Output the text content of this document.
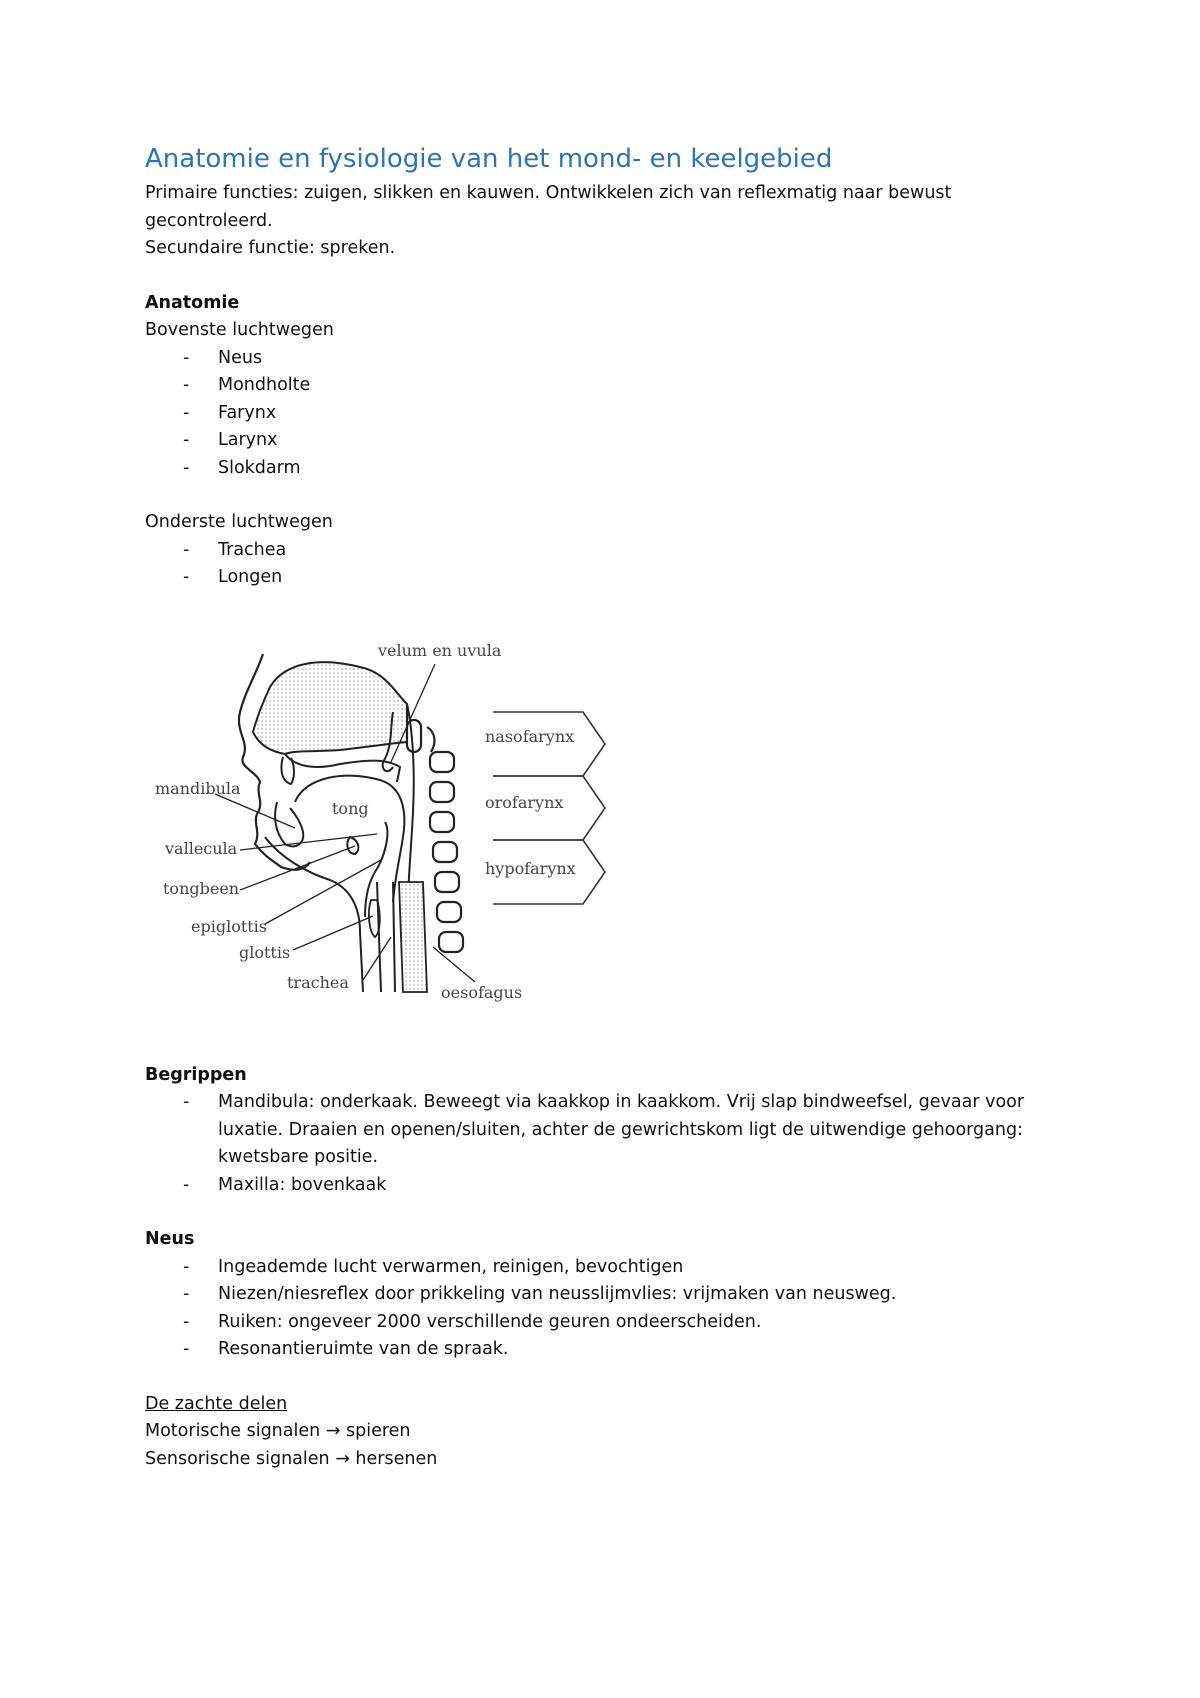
Anatomie en fysiologie van het mond- en keelgebied

Primaire functies: zuigen, slikken en kauwen. Ontwikkelen zich van reflexmatig naar bewust gecontroleerd.

Secundaire functie: spreken.

Anatomie

Bovenste luchtwegen

- Neus
- Mondholte
- Farynx
- Larynx
- Slokdarm

Onderste luchtwegen

- Trachea
- Longen
velum en uvula
mandibula
tong
vallecula
tongbeen
epiglottis
glottis
trachea
oesofagus
nasofarynx
orofarynx
hypofarynx

Begrippen

- Mandibula: onderkaak. Beweegt via kaakkop in kaakkom. Vrij slap bindweefsel, gevaar voor luxatie. Draaien en openen/sluiten, achter de gewrichtskom ligt de uitwendige gehoorgang: kwetsbare positie.
- Maxilla: bovenkaak

Neus

- Ingeademde lucht verwarmen, reinigen, bevochtigen
- Niezen/niesreflex door prikkeling van neusslijmvlies: vrijmaken van neusweg.
- Ruiken: ongeveer 2000 verschillende geuren ondeerscheiden.
- Resonantieruimte van de spraak.

De zachte delen

Motorische signalen → spieren

Sensorische signalen → hersenen
